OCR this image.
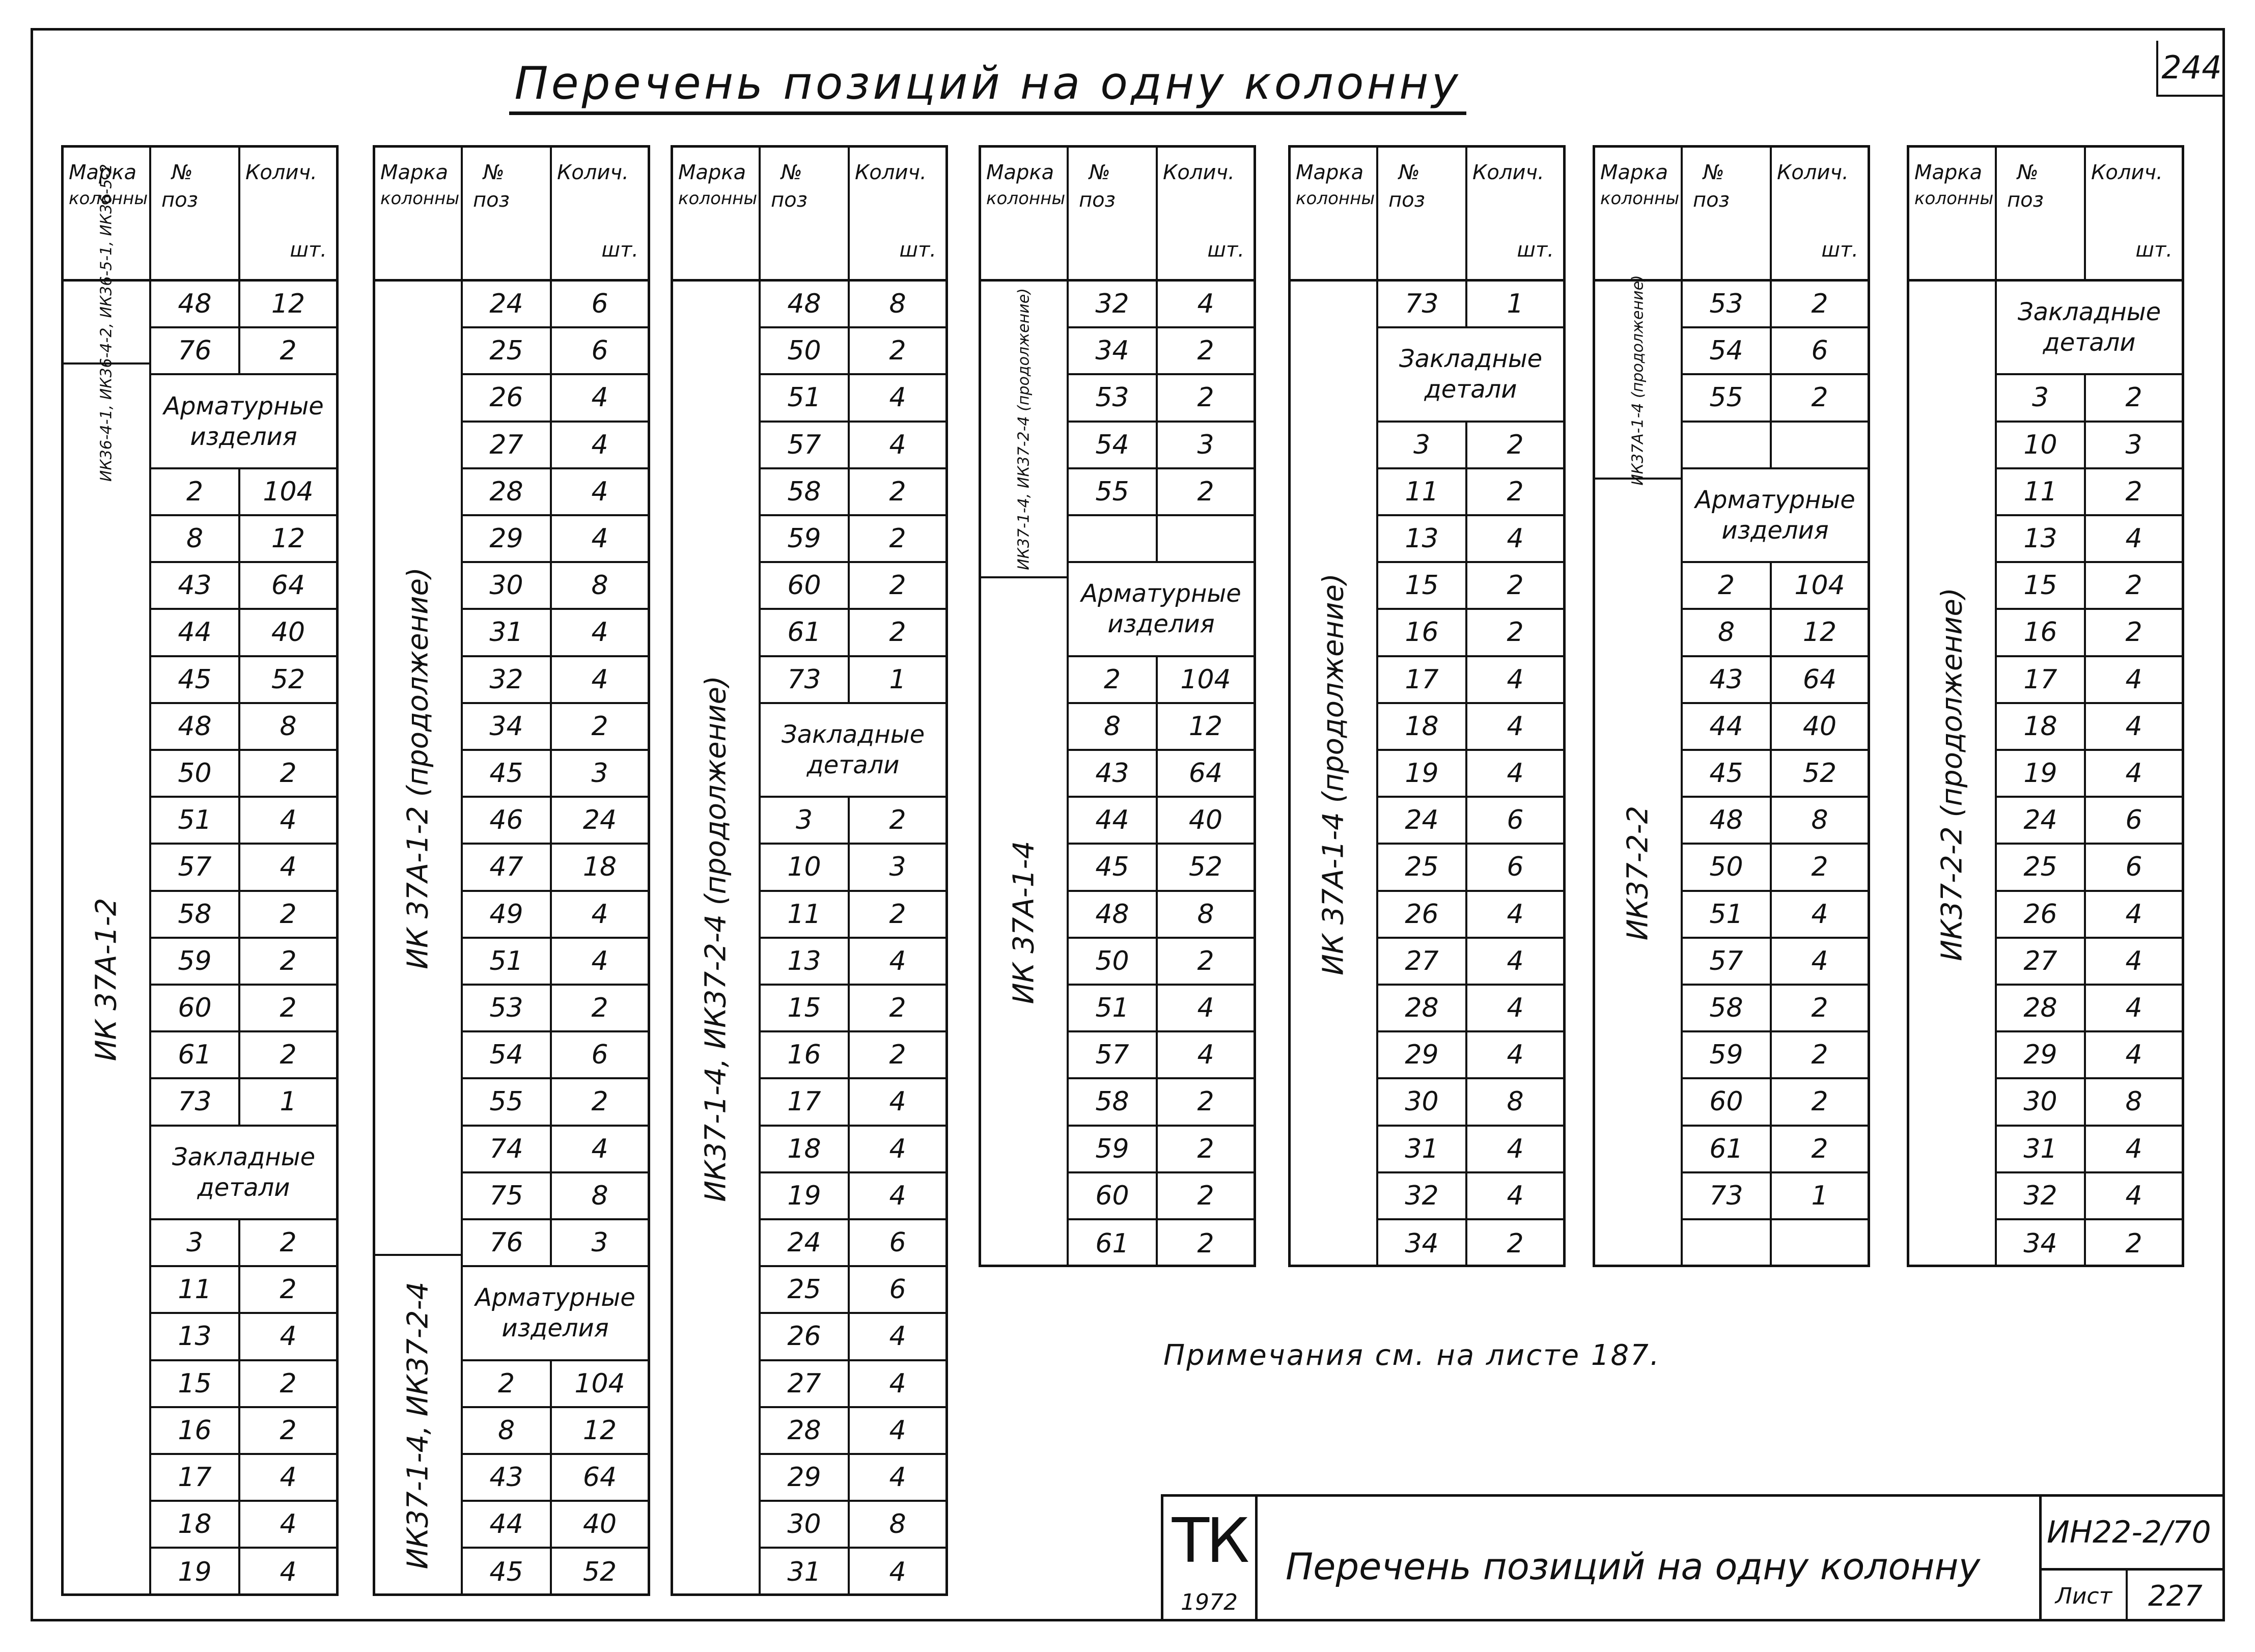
244
Перечень позиций на одну колонну
Марка
колонны
№
поз
Колич.
шт.
ИК36-4-1, ИК36-4-2, ИК36-5-1, ИК36-5-2
ИК 37А-1-2
48	12
76	2
Арматурные
изделия
2	104
8	12
43	64
44	40
45	52
48	8
50	2
51	4
57	4
58	2
59	2
60	2
61	2
73	1
Закладные
детали
3	2
11	2
13	4
15	2
16	2
17	4
18	4
19	4
Марка
колонны
№
поз
Колич.
шт.
ИК 37А-1-2 (продолжение)
ИК37-1-4, ИК37-2-4
24	6
25	6
26	4
27	4
28	4
29	4
30	8
31	4
32	4
34	2
45	3
46	24
47	18
49	4
51	4
53	2
54	6
55	2
74	4
75	8
76	3
Арматурные
изделия
2	104
8	12
43	64
44	40
45	52
Марка
колонны
№
поз
Колич.
шт.
ИК37-1-4, ИК37-2-4 (продолжение)
48	8
50	2
51	4
57	4
58	2
59	2
60	2
61	2
73	1
Закладные
детали
3	2
10	3
11	2
13	4
15	2
16	2
17	4
18	4
19	4
24	6
25	6
26	4
27	4
28	4
29	4
30	8
31	4
Марка
колонны
№
поз
Колич.
шт.
ИК37-1-4, ИК37-2-4 (продолжение)
ИК 37А-1-4
32	4
34	2
53	2
54	3
55	2
Арматурные
изделия
2	104
8	12
43	64
44	40
45	52
48	8
50	2
51	4
57	4
58	2
59	2
60	2
61	2
Марка
колонны
№
поз
Колич.
шт.
ИК 37А-1-4 (продолжение)
73	1
Закладные
детали
3	2
11	2
13	4
15	2
16	2
17	4
18	4
19	4
24	6
25	6
26	4
27	4
28	4
29	4
30	8
31	4
32	4
34	2
Марка
колонны
№
поз
Колич.
шт.
ИК37А-1-4 (продолжение)
ИК37-2-2
53	2
54	6
55	2
Арматурные
изделия
2	104
8	12
43	64
44	40
45	52
48	8
50	2
51	4
57	4
58	2
59	2
60	2
61	2
73	1
Марка
колонны
№
поз
Колич.
шт.
ИК37-2-2 (продолжение)
Закладные
детали
3	2
10	3
11	2
13	4
15	2
16	2
17	4
18	4
19	4
24	6
25	6
26	4
27	4
28	4
29	4
30	8
31	4
32	4
34	2
Примечания см. на листе 187.
ТК
1972
Перечень позиций на одну колонну
ИН22-2/70
Лист	227
